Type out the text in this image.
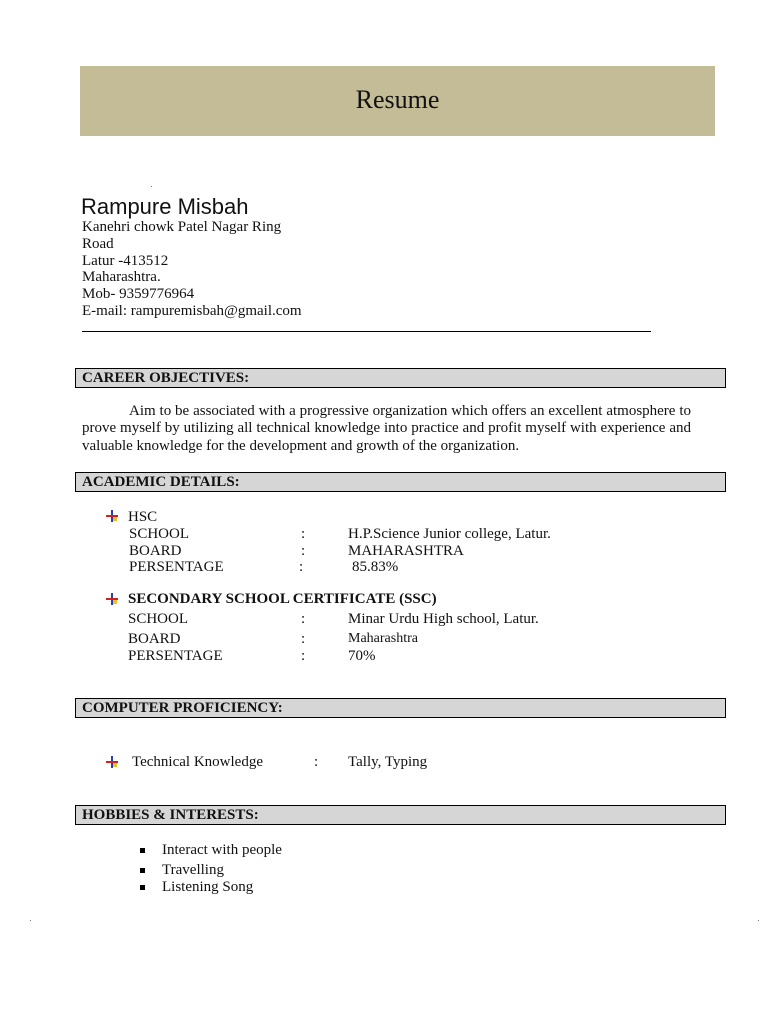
Resume
Rampure Misbah
Kanehri chowk Patel Nagar Ring
Road
Latur -413512
Maharashtra.
Mob- 9359776964
E-mail: rampuremisbah@gmail.com
CAREER OBJECTIVES:
Aim to be associated with a progressive organization which offers an excellent atmosphere to prove myself by utilizing all technical knowledge into practice and profit myself with experience and valuable knowledge for the development and growth of the organization.
ACADEMIC DETAILS:
HSC
SCHOOL	:	H.P.Science Junior college, Latur.
BOARD	:	MAHARASHTRA
PERSENTAGE	:	85.83%
SECONDARY SCHOOL CERTIFICATE (SSC)
SCHOOL	:	Minar Urdu High school, Latur.
BOARD	:	Maharashtra
PERSENTAGE	:	70%
COMPUTER PROFICIENCY:
Technical Knowledge	: Tally, Typing
HOBBIES & INTERESTS:
Interact with people
Travelling
Listening Song
